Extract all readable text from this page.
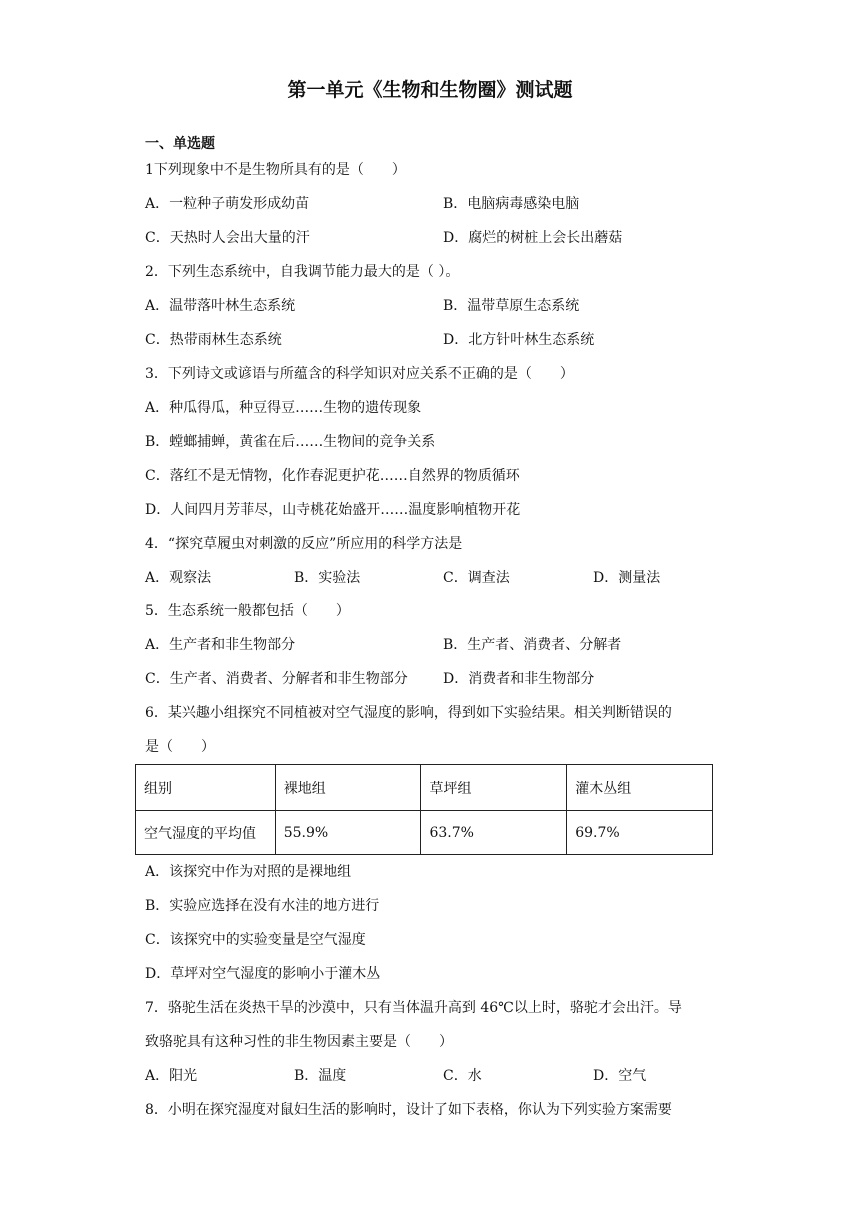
第一单元《生物和生物圈》测试题
一、单选题
1下列现象中不是生物所具有的是（　　）
A．一粒种子萌发形成幼苗	B．电脑病毒感染电脑
C．天热时人会出大量的汗	D．腐烂的树桩上会长出蘑菇
2．下列生态系统中，自我调节能力最大的是（ ）。
A．温带落叶林生态系统	B．温带草原生态系统
C．热带雨林生态系统	D．北方针叶林生态系统
3．下列诗文或谚语与所蕴含的科学知识对应关系不正确的是（　　）
A．种瓜得瓜，种豆得豆……生物的遗传现象
B．螳螂捕蝉，黄雀在后……生物间的竞争关系
C．落红不是无情物，化作春泥更护花……自然界的物质循环
D．人间四月芳菲尽，山寺桃花始盛开……温度影响植物开花
4．“探究草履虫对刺激的反应”所应用的科学方法是
A．观察法	B．实验法	C．调查法	D．测量法
5．生态系统一般都包括（　　）
A．生产者和非生物部分	B．生产者、消费者、分解者
C．生产者、消费者、分解者和非生物部分	D．消费者和非生物部分
6．某兴趣小组探究不同植被对空气湿度的影响，得到如下实验结果。相关判断错误的
是（　　）
组别	裸地组	草坪组	灌木丛组
空气湿度的平均值	55.9%	63.7%	69.7%
A．该探究中作为对照的是裸地组
B．实验应选择在没有水洼的地方进行
C．该探究中的实验变量是空气湿度
D．草坪对空气湿度的影响小于灌木丛
7．骆驼生活在炎热干旱的沙漠中，只有当体温升高到 46℃以上时，骆驼才会出汗。导
致骆驼具有这种习性的非生物因素主要是（　　）
A．阳光	B．温度	C．水	D．空气
8．小明在探究湿度对鼠妇生活的影响时，设计了如下表格，你认为下列实验方案需要
